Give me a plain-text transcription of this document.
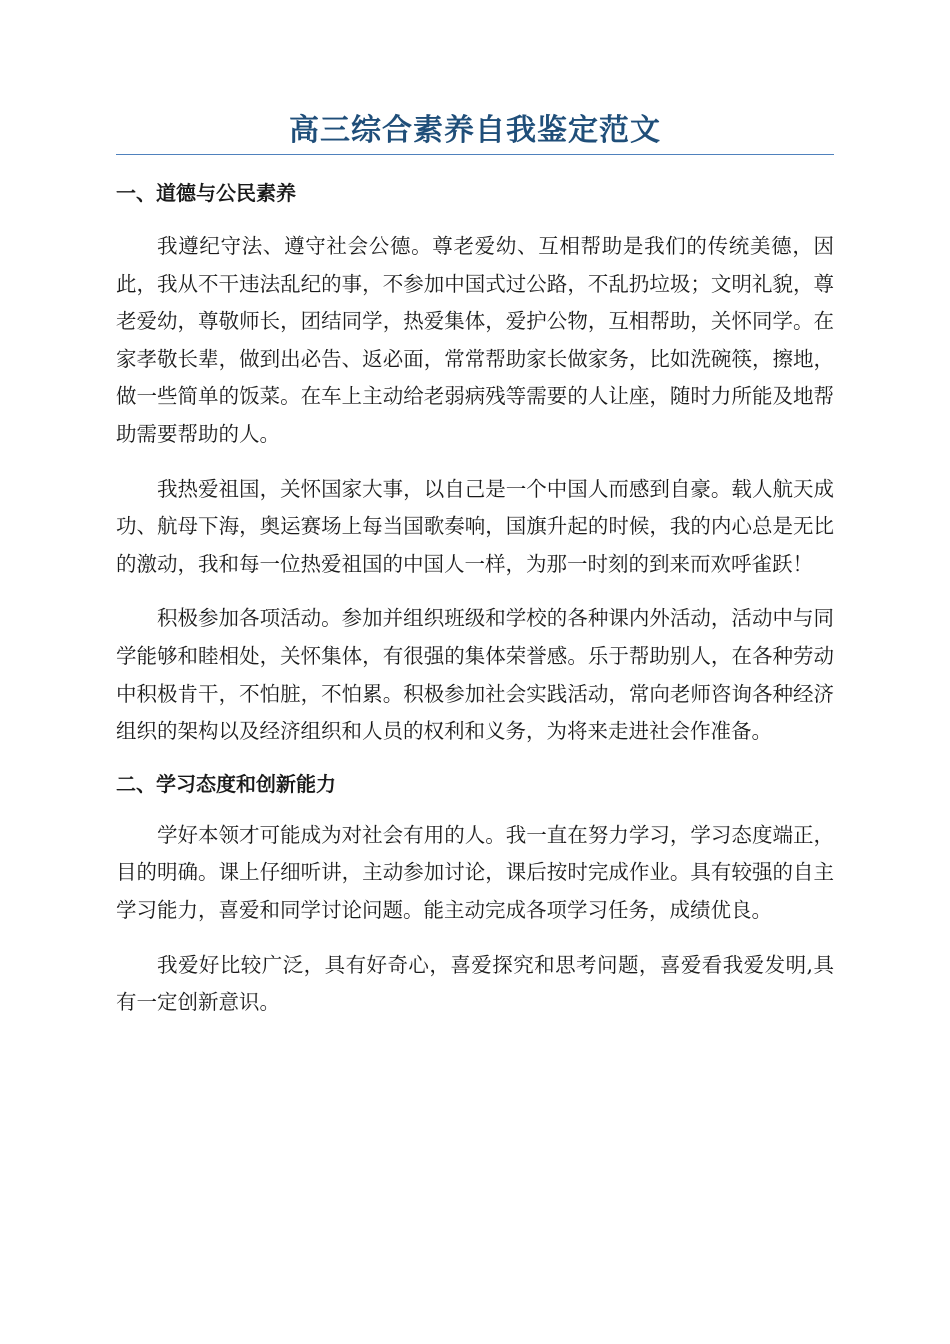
高三综合素养自我鉴定范文
一、道德与公民素养

我遵纪守法、遵守社会公德。尊老爱幼、互相帮助是我们的传统美德，因此，我从不干违法乱纪的事，不参加中国式过公路，不乱扔垃圾；文明礼貌，尊老爱幼，尊敬师长，团结同学，热爱集体，爱护公物，互相帮助，关怀同学。在家孝敬长辈，做到出必告、返必面，常常帮助家长做家务，比如洗碗筷，擦地，做一些简单的饭菜。在车上主动给老弱病残等需要的人让座，随时力所能及地帮助需要帮助的人。

我热爱祖国，关怀国家大事，以自己是一个中国人而感到自豪。载人航天成功、航母下海，奥运赛场上每当国歌奏响，国旗升起的时候，我的内心总是无比的激动，我和每一位热爱祖国的中国人一样，为那一时刻的到来而欢呼雀跃！

积极参加各项活动。参加并组织班级和学校的各种课内外活动，活动中与同学能够和睦相处，关怀集体，有很强的集体荣誉感。乐于帮助别人，在各种劳动中积极肯干，不怕脏，不怕累。积极参加社会实践活动，常向老师咨询各种经济组织的架构以及经济组织和人员的权利和义务，为将来走进社会作准备。

二、学习态度和创新能力

学好本领才可能成为对社会有用的人。我一直在努力学习，学习态度端正，目的明确。课上仔细听讲，主动参加讨论，课后按时完成作业。具有较强的自主学习能力，喜爱和同学讨论问题。能主动完成各项学习任务，成绩优良。

我爱好比较广泛，具有好奇心，喜爱探究和思考问题，喜爱看我爱发明,具有一定创新意识。
